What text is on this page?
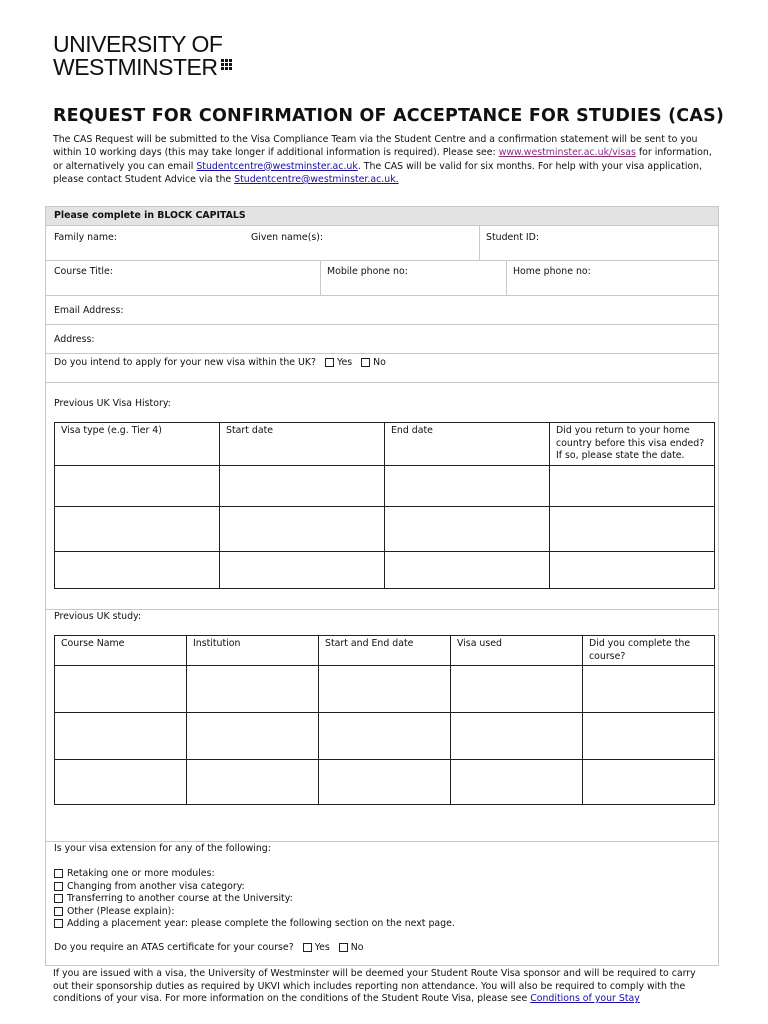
UNIVERSITY OF
WESTMINSTER
REQUEST FOR CONFIRMATION OF ACCEPTANCE FOR STUDIES (CAS)
The CAS Request will be submitted to the Visa Compliance Team via the Student Centre and a confirmation statement will be sent to you within 10 working days (this may take longer if additional information is required). Please see: www.westminster.ac.uk/visas for information, or alternatively you can email Studentcentre@westminster.ac.uk. The CAS will be valid for six months. For help with your visa application, please contact Student Advice via the Studentcentre@westminster.ac.uk.
Please complete in BLOCK CAPITALS
Family name:	Given name(s):	Student ID:
Course Title:	Mobile phone no:	Home phone no:
Email Address:
Address:
Do you intend to apply for your new visa within the UK? Yes No
Previous UK Visa History:
Visa type (e.g. Tier 4)	Start date	End date	Did you return to your home country before this visa ended? If so, please state the date.

Previous UK study:
Course Name	Institution	Start and End date	Visa used	Did you complete the course?

Is your visa extension for any of the following:
Retaking one or more modules:
Changing from another visa category:
Transferring to another course at the University:
Other (Please explain):
Adding a placement year: please complete the following section on the next page.
Do you require an ATAS certificate for your course? Yes No
If you are issued with a visa, the University of Westminster will be deemed your Student Route Visa sponsor and will be required to carry out their sponsorship duties as required by UKVI which includes reporting non attendance. You will also be required to comply with the conditions of your visa. For more information on the conditions of the Student Route Visa, please see Conditions of your Stay
